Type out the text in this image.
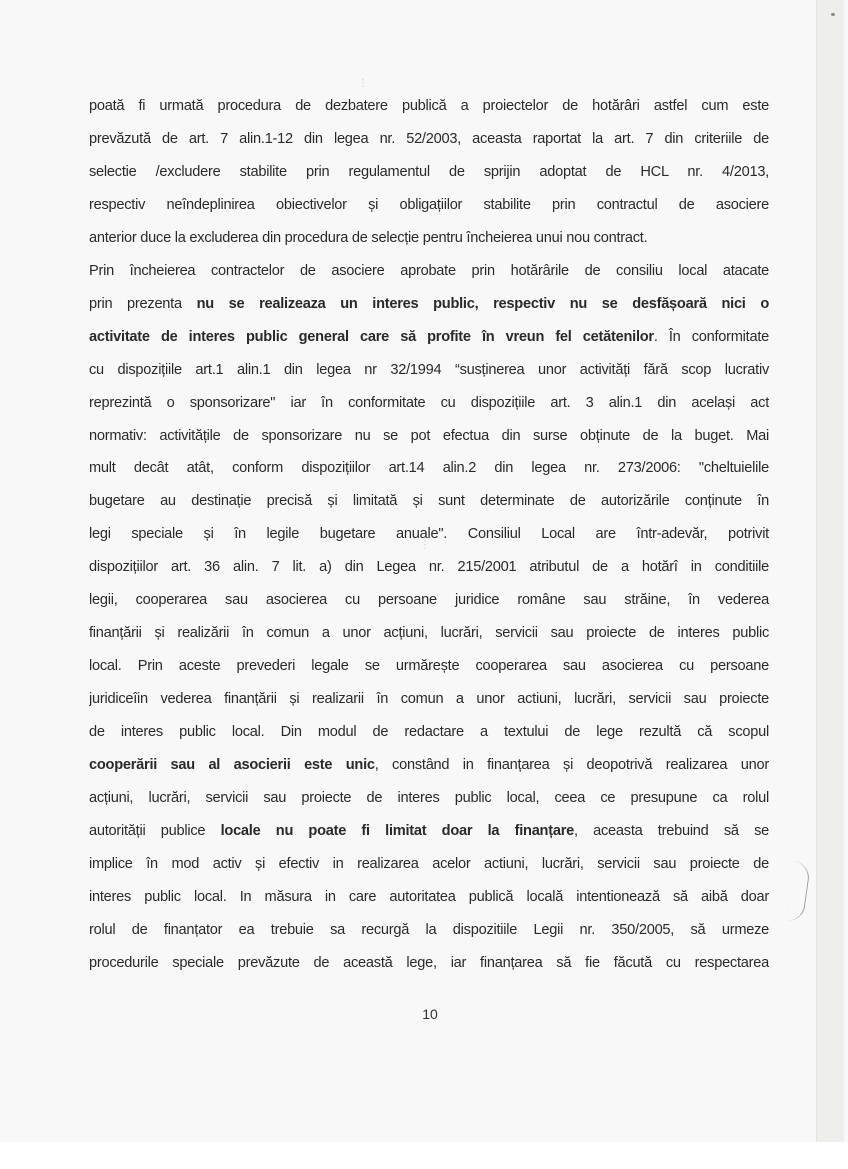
⋮
⋮
poată fi urmată procedura de dezbatere publică a proiectelor de hotărâri astfel cum este
prevăzută de art. 7 alin.1-12 din legea nr. 52/2003, aceasta raportat la art. 7 din criteriile de
selectie /excludere stabilite prin regulamentul de sprijin adoptat de HCL nr. 4/2013,
respectiv neîndeplinirea obiectivelor și obligațiilor stabilite prin contractul de asociere
anterior duce la excluderea din procedura de selecție pentru încheierea unui nou contract.
Prin încheierea contractelor de asociere aprobate prin hotărârile de consiliu local atacate
prin prezenta nu se realizeaza un interes public, respectiv nu se desfășoară nici o
activitate de interes public general care să profite în vreun fel cetătenilor. În conformitate
cu dispozițiile art.1 alin.1 din legea nr 32/1994 “susținerea unor activități fără scop lucrativ
reprezintă o sponsorizare" iar în conformitate cu dispozițiile art. 3 alin.1 din același act
normativ: activitățile de sponsorizare nu se pot efectua din surse obținute de la buget. Mai
mult decât atât, conform dispozițiilor art.14 alin.2 din legea nr. 273/2006: "cheltuielile
bugetare au destinație precisă și limitată și sunt determinate de autorizările conținute în
legi speciale și în legile bugetare anuale". Consiliul Local are într-adevăr, potrivit
dispozițiilor art. 36 alin. 7 lit. a) din Legea nr. 215/2001 atributul de a hotărî in conditiile
legii, cooperarea sau asocierea cu persoane juridice române sau străine, în vederea
finanțării și realizării în comun a unor acțiuni, lucrări, servicii sau proiecte de interes public
local. Prin aceste prevederi legale se urmărește cooperarea sau asocierea cu persoane
juridiceîin vederea finanțării și realizarii în comun a unor actiuni, lucrări, servicii sau proiecte
de interes public local. Din modul de redactare a textului de lege rezultă că scopul
cooperării sau al asocierii este unic, constând in finanțarea și deopotrivă realizarea unor
acțiuni, lucrări, servicii sau proiecte de interes public local, ceea ce presupune ca rolul
autorității publice locale nu poate fi limitat doar la finanțare, aceasta trebuind să se
implice în mod activ și efectiv in realizarea acelor actiuni, lucrări, servicii sau proiecte de
interes public local. In măsura in care autoritatea publică locală intentionează să aibă doar
rolul de finanțator ea trebuie sa recurgă la dispozitiile Legii nr. 350/2005, să urmeze
procedurile speciale prevăzute de această lege, iar finanțarea să fie făcută cu respectarea
10
